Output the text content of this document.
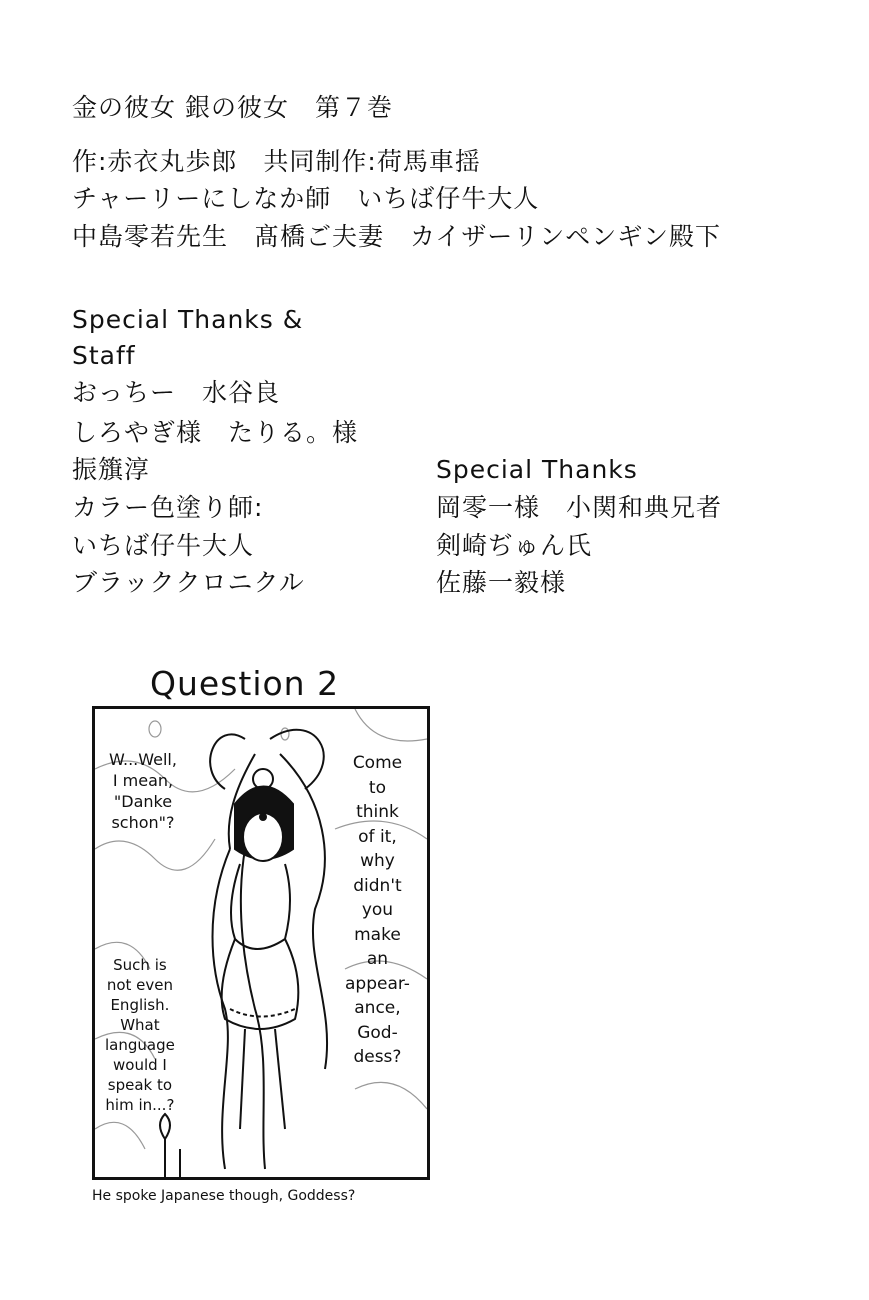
金の彼女 銀の彼女　第７巻
作:赤衣丸歩郎　共同制作:荷馬車揺
チャーリーにしなか師　いちば仔牛大人
中島零若先生　髙橋ご夫妻　カイザーリンペンギン殿下
Special Thanks &
Staff
おっちー　水谷良
しろやぎ様　たりる。様
振籏淳
カラー色塗り師:
いちば仔牛大人
ブラッククロニクル
Special Thanks
岡零一様　小関和典兄者
剣崎ぢゅん氏
佐藤一毅様
Question 2
W...Well,
I mean,
"Danke
schon"?
Such is
not even
English.
What
language
would I
speak to
him in...?
Come
to
think
of it,
why
didn't
you
make
an
appear-
ance,
God-
dess?
He spoke Japanese though, Goddess?
